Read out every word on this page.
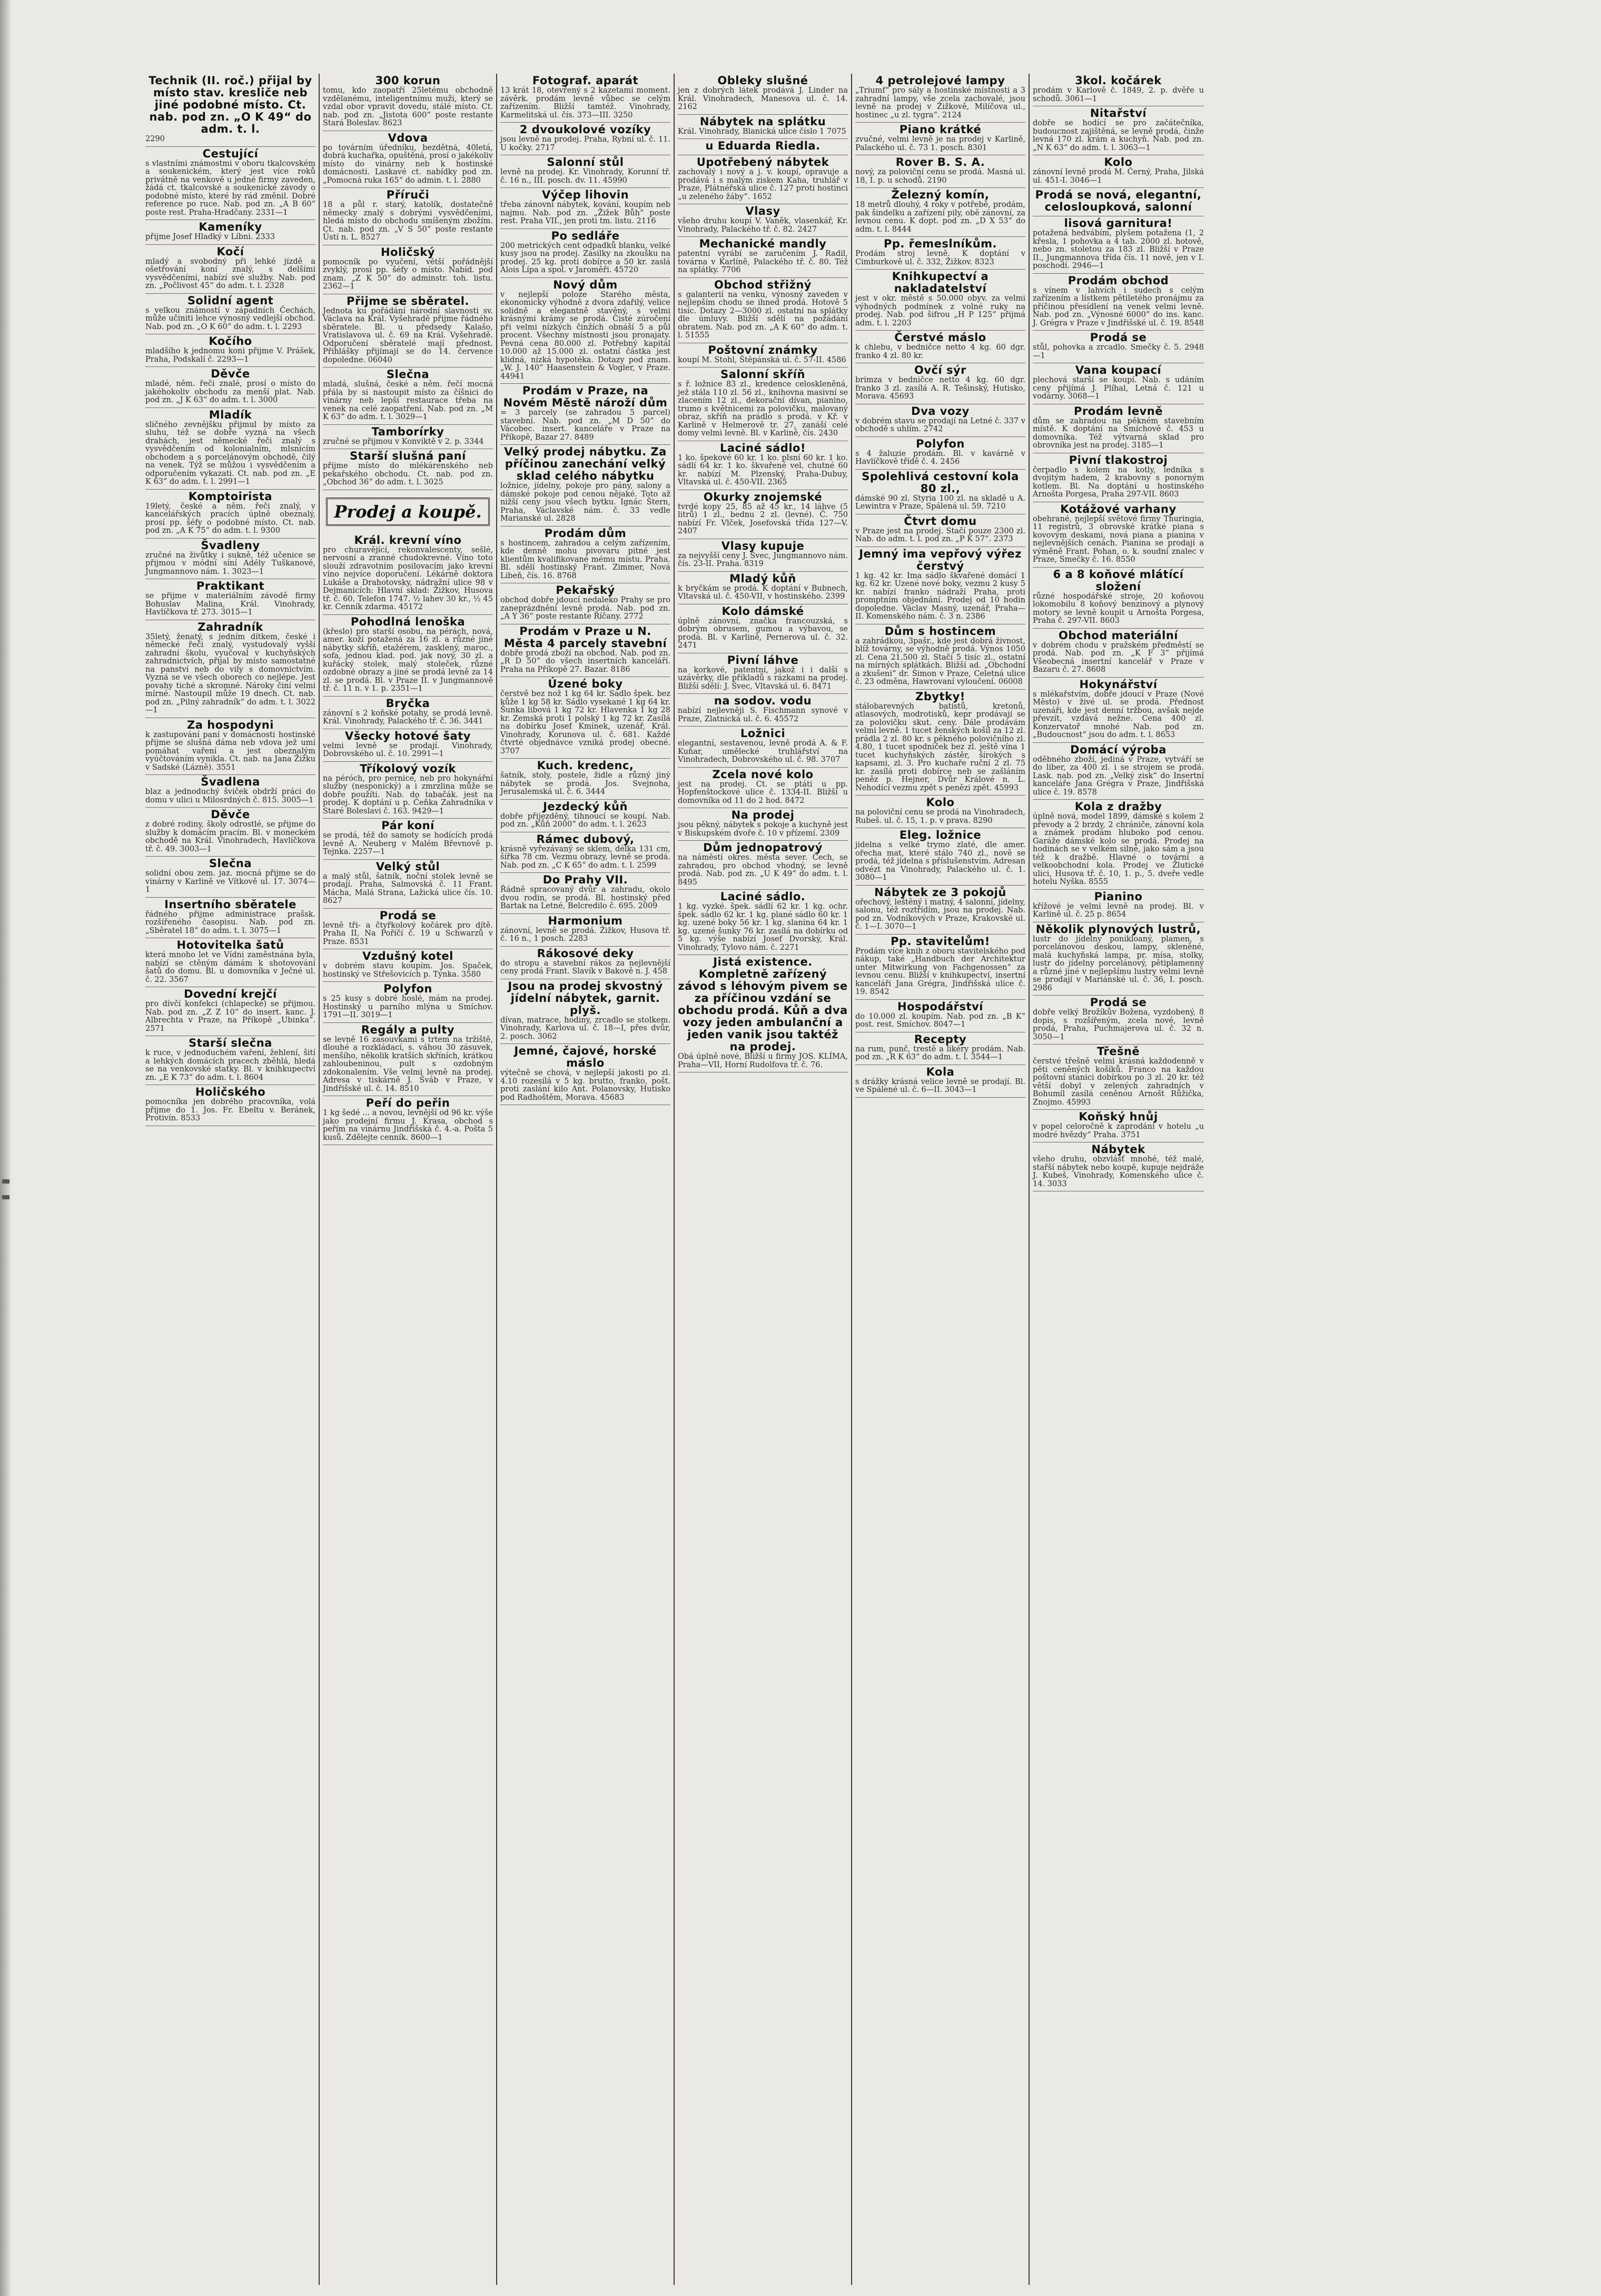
Technik (II. roč.) přijal by místo stav. kresliče neb jiné podobné místo. Ct. nab. pod zn. „O K 49“ do adm. t. l.
2290
Cestující
s vlastními známostmi v oboru tkalcovském a soukenickém, který jest více roků privátně na venkově u jedné firmy zaveden, žádá ct. tkalcovské a soukenické závody o podobné místo, které by rád změnil. Dobré reference po ruce. Nab. pod zn. „A B 60“ poste rest. Praha-Hradčany. 2331—1
Kameníky
přijme Josef Hladký v Líbni. 2333
Kočí
mladý a svobodný při lehké jízdě a ošetřování koní znalý, s delšími vysvědčeními, nabízí své služby. Nab. pod zn. „Počlivost 45“ do adm. t. l. 2328
Solidní agent
s velkou známostí v západních Čechách, může učiniti lehce výnosný vedlejší obchod. Nab. pod zn. „O K 60“ do adm. t. l. 2293
Kočího
mladšího k jednomu koni přijme V. Prášek, Praha, Podskalí č. 2293—1
Děvče
mladé, něm. řeči znalé, prosí o místo do jakéhokoliv obchodu za menší plat. Nab. pod zn. „J K 63“ do adm. t. l. 3000
Mladík
sličného zevnějšku přijmul by místo za sluhu, též se dobře vyzná na všech drahách, jest německé řeči znalý s vysvědčením od kolonialním, mlsnicím obchodem a s porcelánovým obchodě, čilý na venek. Týž se můžou i vysvědčením a odporučením vykazati. Ct. nab. pod zn. „E K 63“ do adm. t. l. 2991—1
Komptoiristа
19letý, české a něm. řeči znalý, v kancelářských pracích úplně obeznalý, prosí pp. šéfy o podobné místo. Ct. nab. pod zn. „A K 75“ do adm. t. l. 9300
Švadleny
zručné na živůtky i sukně, též učenice se přijmou v módní síní Adély Tuškanové, Jungmannovo nám. 1. 3023—1
Praktikant
se přijme v materiálním závodě firmy Bohuslav Malina, Král. Vinohrady, Havlíčkova tř. 273. 3015—1
Zahradník
35letý, ženatý, s jedním dítkem, české i německé řeči znalý, vystudovalý vyšší zahradní školu, vyučoval v kuchyňských zahradnictvích, přijal by místo samostatné na panství neb do vily s domovnictvím. Vyzná se ve všech oborech co nejlépe. Jest povahy tiché a skromné. Nároky činí velmi mírné. Nastoupil může 19 dnech. Ct. nab. pod zn. „Pilný zahradník“ do adm. t. l. 3022—1
Za hospodyni
k zastupování paní v domácnosti hostinské přijme se slušná dáma neb vdova jež umí pomáhat vaření a jest obeznalým vyúčtováním vynikla. Ct. nab. na Jana Žižku v Sadské (Lázně). 3551
Švadlena
blaz a jednoduchý šviček obdrží práci do domu v ulici u Milosrdných č. 815. 3005—1
Děvče
z dobré rodiny, školy odrostlé, se přijme do služby k domácím pracím. Bl. v moneckém obchodě na Král. Vinohradech, Havlíčkova tř. č. 49. 3003—1
Slečna
solidní obou zem. jaz. mocná přijme se do vinárny v Karlině ve Vítkově ul. 17. 3074—1
Insertního sběratele
řádného přijme administrace prašsk. rozšířeného časopisu. Nab. pod zn. „Sběratel 18“ do adm. t. l. 3075—1
Hotovitelka šatů
která mnoho let ve Vídni zaměstnána byla, nabízí se ctěným dámám k shotovování šatů do domu. Bl. u domovníka v Ječné ul. č. 22. 3567
Dovední krejčí
pro dívčí konfekci (chlapecké) se přijmou. Nab. pod zn. „Z Z 10“ do insert. kanc. J. Albrechta v Praze, na Příkopě „Ubinka“. 2571
Starší slečna
k ruce, v jednoduchém vaření, žehlení, šití a lehkých domácích pracech zběhlá, hledá se na venkovské statky. Bl. v knihkupectví zn. „E K 73“ do adm. t. l. 8604
Holičského
pomocníka jen dobrého pracovníka, volá přijme do 1. Jos. Fr. Ebeltu v. Beránek, Protivín. 8533
300 korun
tomu, kdo zaopatří 25letému obchodně vzdělanému, inteligentnímu muži, který se vzdal obor vpravit dovedu, stálé místo. Ct. nab. pod zn. „Jistota 600“ poste restante Stará Boleslav. 8623
Vdova
po továrním úředníku, bezdětná, 40letá, dobrá kuchařka, opuštěná, prosí o jakékoliv místo do vinárny neb k hostinské domácnosti. Laskavé ct. nabídky pod zn. „Pomocná ruka 165“ do admin. t. l. 2880
Příruči
18 a půl r. starý, katolík, dostatečně německy znalý s dobrými vysvědčeními, hledá místo do obchodu smíšeným zbožím. Ct. nab. pod zn. „V S 50“ poste restante Ústí n. L. 8527
Holičský
pomocník po vyučení, větší pořádnější zvyklý, prosí pp. šéfy o místo. Nabíd. pod znam. „Z K 50“ do adminstr. toh. listu. 2362—1
Přijme se sběratel.
Jednota ku pořádání národní slavnosti sv. Václava na Král. Vyšehradě přijme řádného sběratele. Bl. u předsedy Kalašo, Vratislavova ul. č. 69 na Král. Vyšehradě. Odporučení sběratelé mají přednost. Přihlášky přijímají se do 14. července dopoledne. 06040
Slečna
mladá, slušná, české a něm. řečí mocná přála by si nastoupit místo za číšnici do vinárny neb lepší restaurace třeba na venek na celé zaopatření. Nab. pod zn. „M K 63“ do adm. t. l. 3029—1
Tamborírky
zručné se přijmou v Konviktě v 2. p. 3344
Starší slušná paní
přijme místo do mlékárenského neb pekařského obchodu. Ct. nab. pod zn. „Obchod 36“ do adm. t. l. 3025
Prodej a koupě.
Král. krevní víno
pro churavějící, rekonvalescenty, sešlé, nervosní a zranné chudokrevné. Víno toto slouží zdravotním posilovacím jako krevní víno nejvíce doporučení. Lékárně doktora Lukáše a Drahotovsky, nádražní ulice 98 v Dejmanicích: Hlavní sklad: Žižkov, Husova tř. č. 60. Telefon 1747. ½ lahev 30 kr., ½ 45 kr. Cenník zdarma. 45172
Pohodlná lenoška
(křeslo) pro starší osobu, na pérách, nová, amer. koží potažená za 16 zl. a různé jiné nábytky skříň, etažérem, zasklený, maroc., sofa, jednou klad. pod. jak nový, 30 zl. a kuřácký stolek, malý stoleček, různé ozdobné obrazy a jiné se prodá levně za 14 zl. se prodá. Bl. v Praze II. v Jungmannově tř. č. 11 n. v 1. p. 2351—1
Bryčka
zánovní s 2 koňské potahy, se prodá levně. Král. Vinohrady, Palackého tř. č. 36. 3441
Všecky hotové šaty
velmi levně se prodají. Vinohrady, Dobrovského ul. č. 10. 2991—1
Tříkolový vozík
na péróch, pro pernice, neb pro hokynářní služby (nesponický) a i zmrzlina může se dobře použíti. Nab. do tabačák. jest na prodej. K doptání u p. Čeňka Zahradníka v Staré Boleslavi č. 163. 9429—1
Pár koní
se prodá, též do samoty se hodících prodá levně A. Neuberg v Malém Břevnově p. Tejnka. 2257—1
Velký stůl
a malý stůl, šatník, noční stolek levně se prodají. Praha, Salmovská č. 11 Frant. Mácha, Malá Strana, Lažická ulice čís. 10. 8627
Prodá se
levně tři- a čtyřkolový kočárek pro dítě. Praha II, Na Poříčí č. 19 u Schwarzů v Praze. 8531
Vzdušný kotel
v dobrém stavu koupím. Jos. Spaček, hostinský ve Střešovicích p. Týnka. 3580
Polyfon
s 25 kusy s dobré hoslé, mám na prodej. Hostinský u parního mlýna u Smíchov. 1791—II. 3019—1
Regály a pulty
se levně 16 zasouvkami s trtem na tržiště, dlouhé a rozkládací, s. váhou 30 zásuvek, menšího, několik kratších skříních, krátkou zahloubeninou, pult s ozdobným zdokonalením. Vše velmi levně na prodej. Adresa v tiskárně J. Šváb v Praze, v Jindřišské ul. č. 14. 8510
Peří do peřin
1 kg šedé ... a novou, levnější od 96 kr. výše jako prodejní firmu J. Krasa, obchod s peřím na vinárnu Jindřišská č. 4.-a. Pošta 5 kusů. Zdělejte cenník. 8600—1
Fotograf. aparát
13 krát 18, otevřený s 2 kazetami moment. závěrk. prodám levně vůbec se celým zařízením. Bližší tamtéž. Vinohrady, Karmelitská ul. čís. 373—III. 3250
2 dvoukolové vozíky
jsou levně na prodej. Praha, Rybní ul. č. 11. U kočky. 2717
Salonní stůl
levně na prodej. Kr. Vinohrady, Korunní tř. č. 16 n., III. posch. dv. 11. 45990
Výčep lihovin
třeba zánovní nábytek, kování, koupím neb najmu. Nab. pod zn. „Žižek Bůh“ poste rest. Praha VII., jen proti tm. listu. 2116
Po sedláře
200 metrických cent odpadků blanku, velké kusy jsou na prodej. Zásilky na zkoušku na prodej. 25 kg. proti dobírce a 50 kr. zaslá Alois Lípa a spol. v Jaroměři. 45720
Nový dům
v nejlepší poloze Starého města, ekonomicky výhodně z dvora zdařilý, velice solidně a elegantně stavěný, s velmi krásnými krámy se prodá. Čisté zúročení při velmi nízkých činžích obnáší 5 a půl procent. Všechny místnosti jsou pronajaty. Pevná cena 80.000 zl. Potřebný kapitál 10.000 až 15.000 zl. ostatní částka jest klidná, nízká hypotéka. Dotazy pod znam. „W. J. 140“ Haasenstein & Vogler, v Praze. 44941
Prodám v Praze, na Novém Městě nároží dům
= 3 parcely (se zahradou 5 parcel) stavební. Nab. pod zn. „M D 50“ do Vácobec. insert. kanceláře v Praze na Příkopě, Bazar 27. 8489
Velký prodej nábytku. Za příčinou zanechání velký sklad celého nábytku
ložnice, jídelny, pokoje pro pány, salony a dámské pokoje pod cenou nějaké. Toto až nižší ceny jsou všech bytku. Ignác Štern, Praha, Václavské nám. č. 33 vedle Marianské ul. 2828
Prodám dům
s hostincem, zahradou a celým zařízením, kde denně mohu pivovaru pitné jest klientům kvalifikované mému místu. Praha. Bl. sdělí hostinský Frant. Zimmer, Nová Libeň, čís. 16. 8768
Pekařský
obchod dobře jdoucí nedaleko Prahy se pro zaneprázdnění levně prodá. Nab. pod zn. „A Y 36“ poste restante Říčany. 2772
Prodám v Praze u N. Města 4 parcely stavební
dobře prodá zboží na obchod. Nab. pod zn. „R D 50“ do všech insertních kanceláří. Praha na Příkopě 27. Bazar. 8186
Úzené boky
čerstvě bez nož 1 kg 64 kr. Sadlo špek. bez kůže 1 kg 58 kr. Sádlo vysekané 1 kg 64 kr. Šunka libová 1 kg 72 kr. Hlavenka 1 kg 28 kr. Zemská proti 1 polský 1 kg 72 kr. Zasílá na dobírku Josef Kmínek, uzenář, Král. Vinohrady, Korunova ul. č. 681. Každé čtvrté objednávce vzniká prodej obecné. 3707
Kuch. kredenc,
šatník, stoly, postele, židle a různý jiný nábytek se prodá. Jos. Svejnoha, Jerusalemská ul. č. 6. 3444
Jezdecký kůň
dobře přijezděný, tihnoucí se koupí. Nab. pod zn. „Kůň 2000“ do adm. t. l. 2623
Rámec dubový,
krásně vyřezávaný se sklem, délka 131 cm, šířka 78 cm. Vezmu obrazy, levně se prodá. Nab. pod zn. „C K 65“ do adm. t. l. 2599
Do Prahy VII.
Řádně spracovaný dvůr a zahradu, okolo dvou rodin, se prodá. Bl. hostinský před Bartak na Letné, Belcredilo č. 695. 2009
Harmonium
zánovní, levně se prodá. Žižkov, Husova tř. č. 16 n., 1 posch. 2283
Rákosové deky
do stropu a stavební rákos za nejlevnější ceny prodá Frant. Slavík v Bakově n. J. 458
Jsou na prodej skvostný jídelní nábytek, garnit. plyš.
dívan, matrace, hodiny, zrcadlo se stolkem. Vinohrady, Karlova ul. č. 18—I, přes dvůr, 2. posch. 3062
Jemné, čajové, horské máslo
výtečně se chová, v nejlepší jakosti po zl. 4.10 rozesílá v 5 kg. brutto, franko, pošt. proti zaslání kilo Ant. Polanovsky, Hutisko pod Radhoštěm, Morava. 45683
Obleky slušné
jen z dobrých látek prodává J. Linder na Král. Vinohradech, Manesova ul. č. 14. 2162
Nábytek na splátku
Král. Vinohrady, Blanická ulice číslo 1 7075
u Eduarda Riedla.
Upotřebený nábytek
zachovalý i nový a j. v. koupí, opravuje a prodává i s malým ziskem Kaha, truhlář v Praze, Plátnéřská ulice č. 127 proti hostinci „u zeleného žáby“. 1652
Vlasy
všeho druhu koupí V. Vaněk, vlasenkář, Kr. Vinohrady, Palackého tř. č. 82. 2427
Mechanické mandly
patentní vyrábí se zaručením J. Radil, továrna v Karlíně, Palackého tř. č. 80. Též na splátky. 7706
Obchod střižný
s galanterií na venku, výnosný zaveden v nejlepším chodu se ihned prodá. Hotově 5 tisíc. Dotazy 2—3000 zl. ostatní na splátky dle úmluvy. Bližší sdělí na požádání obratem. Nab. pod zn. „A K 60“ do adm. t. l. 51555
Poštovní známky
koupí M. Stohl, Štěpánská ul. č. 57-II. 4586
Salonní skříň
s ř. ložnice 83 zl., kredence celoskleněná, jež stála 110 zl. 56 zl., knihovna masivní se zlacením 12 zl., dekorační dívan, pianino, trumo s květnicemi za polovičku, malovaný obraz, skříň na prádlo s prodá. v Kř. v Karlině v Helmerově tr. 27, zanáší celé domy velmi levně. Bl. v Karlině, čís. 2430
Laciné sádlo!
1 ko. špekové 60 kr. 1 ko. plsní 60 kr. 1 ko. sádlí 64 kr. 1 ko. škvařené vel. chutné 60 kr. nabízí M. Plzenský, Praha-Dubuy, Vltavská ul. č. 450-VII. 2365
Okurky znojemské
tvrdé kopy 25, 85 až 45 kr., 14 láhve (5 litrů) 1 zl., bednu 2 zl. (levné). Č. 750 nabízí Fr. Vlček, Josefovská třída 127—V. 2407
Vlasy kupuje
za nejvyšší ceny J. Švec, Jungmannovo nám. čís. 23-II. Praha. 8319
Mladý kůň
k bryčkám se prodá. K doptání v Bubnech, Vltavská ul. č. 450-VII, v hostinského. 2399
Kolo dámské
úplně zánovní, značka francouzská, s dobrým obrusem, gumou a výbavou, se prodá. Bl. v Karlině, Pernerova ul. č. 32. 2471
Pivní láhve
na korkové, patentní, jakož i i další s uzávěrky, dle příkladů s rázkami na prodej. Bližší sdělí: J. Švec, Vltavská ul. 6. 8471
na sodov. vodu
nabízí nejlevněji S. Fischmann synové v Praze, Zlatnická ul. č. 6. 45572
Ložnici
elegantní, sestavenou, levně prodá A. & F. Kuňar, umělecké truhlářství na Vinohradech, Dobrovského ul. č. 98. 3707
Zcela nové kolo
jest na prodej. Ct. se ptáti u pp. Hopfenštockové ulice č. 1334-II. Bližší u domovníka od 11 do 2 hod. 8472
Na prodej
jsou pěkný, nábytek s pokoje a kuchyně jest v Biskupském dvoře č. 10 v přízemí. 2309
Dům jednopatrový
na náměstí okres. města sever. Čech, se zahradou, pro obchod vhodný, se levně prodá. Nab. pod zn. „U K 49“ do adm. t. l. 8495
Laciné sádlo.
1 kg. vyzké. špek. sádlí 62 kr. 1 kg. ochr. špek. sádlo 62 kr. 1 kg. plané sádlo 60 kr. 1 kg. uzené boky 56 kr. 1 kg. slanina 64 kr. 1 kg. uzené šunky 76 kr. zasílá na dobírku od 5 kg. výše nabízí Josef Dvorský, Král. Vinohrady, Tylovo nám. č. 2271
Jistá existence. Kompletně zařízený závod s léhovým pivem se za příčinou vzdání se obchodu prodá. Kůň a dva vozy jeden ambulanční a jeden vanik jsou taktéž na prodej.
Obá úplně nové, Bližší u firmy JOS. KLÍMA, Praha—VII, Horní Rudolfova tř. č. 76.
4 petrolejové lampy
„Triumf“ pro sály a hostinské místnosti a 3 zahradní lampy, vše zcela zachovalé, jsou levně na prodej v Žižkově, Milíčova ul., hostinec „u zl. tygra“. 2124
Piano krátké
zvučné, velmi levně je na prodej v Karlině, Palackého ul. č. 73 1. posch. 8301
Rover B. S. A.
nový, za poloviční cenu se prodá. Masná ul. 18, I. p. u schodů. 2190
Železný komín,
18 metrů dlouhý, 4 roky v potřebě, prodám, pak šindelku a zařízení pily, obě zánovní, za levnou cenu. K dopt. pod zn. „D X 53“ do adm. t. l. 8444
Pp. řemeslníkům.
Prodám stroj levně. K doptání v Cimburkově ul. č. 332, Žižkov. 8323
Knihkupectví a nakladatelství
jest v okr. městě s 50.000 obyv. za velmi výhodných podmínek z volné ruky na prodej. Nab. pod šifrou „H P 125“ přijmá adm. t. l. 2203
Čerstvé máslo
k chlebu, v bedničce netto 4 kg. 60 dgr. franko 4 zl. 80 kr.
Ovčí sýr
brimza v bedničce netto 4 kg. 60 dgr. franko 3 zl. zasílá A. R. Tešinský, Hutisko, Morava. 45693
Dva vozy
v dobrém stavu se prodají na Letné č. 337 v obchodě s uhlím. 2742
Polyfon
s 4 žaluzie prodám. Bl. v kavárně v Havlíčkově třídě č. 4. 2456
Spolehlivá cestovní kola 80 zl.,
dámské 90 zl. Styria 100 zl. na skladě u A. Lewintra v Praze, Spálená ul. 59. 7210
Čtvrt domu
v Praze jest na prodej. Stačí pouze 2300 zl. Nab. do adm. t. l. pod zn. „P K 57“. 2373
Jemný ima vepřový výřez čerstvý
1 kg. 42 kr. Ima sádlo škvařené domácí 1 kg. 62 kr. Uzené nové boky, vezmu 2 kusy 5 kr. nabízí franko nádraží Praha, proti promptním objednání. Prodej od 10 hodin dopoledne. Václav Masný, uzenář, Praha—II. Komenského nám. č. 3 n. 2386
Dům s hostincem
a zahrádkou, 3pašr., kde jest dobrá živnost, blíž továrny, se výhodně prodá. Výnos 1050 zl. Cena 21.500 zl. Stačí 5 tisíc zl., ostatní na mírných splátkách. Bližší ad. „Obchodní a zkušeni“ dr. Šimon v Praze, Celetná ulice č. 23 odměna, Hawrovaní vyloučení. 06008
Zbytky!
stálobarevných batistů, kretonů, atlasových, modrotisků, kepr prodávají se za polovičku skut. ceny. Dále prodávám velmi levně. 1 tucet ženských košil za 12 zl. prádla 2 zl. 80 kr. s pěkného polovičního zl. 4.80, 1 tucet spodniček bez zl. ještě vína 1 tucet kuchyňských zástěr, šírokých s kapsami, zl. 3. Pro kuchaře ruční 2 zl. 75 kr. zasílá proti dobírce neb se zašláním peněz p. Hejner, Dvůr Králové n. L. Nehodící vezmu zpět s penězi zpět. 45993
Kolo
na poloviční cenu se prodá na Vinohradech, Rubeš. ul. č. 15, 1. p. v prava. 8290
Eleg. ložnice
jidelna s velké trymo zlaté, dle amer. ořecha mat, které stálo 740 zl., nově se prodá, též jídelna s příslušenstvím. Adresan odvézt na Vinohrady, Palackého ul. č. 1. 3080—1
Nábytek ze 3 pokojů
ořechový, leštěný i matný, 4 salonní, jídelny, salonu, též roztřídím, jsou na prodej. Nab. pod zn. Vodníkových v Praze, Krakovské ul. č. 1—I. 3070—1
Pp. stavitelům!
Prodám více knih z oboru stavitelského pod nákup, také „Handbuch der Architektur unter Mitwirkung von Fachgenossen“ za levnou cenu. Bližší v knihkupectví, insertní kanceláři Jana Grégra, Jindřišská ulice č. 19. 8542
Hospodářství
do 10.000 zl. koupím. Nab. pod zn. „B K“ post. rest. Smíchov. 8047—1
Recepty
na rum, punč, trestě a likéry prodám. Nab. pod zn. „R K 63“ do adm. t. l. 3544—1
Kola
s drážky krásná velice levně se prodají. Bl. ve Spálené ul. č. 6—II. 3043—1
3kol. kočárek
prodám v Karlově č. 1849, 2. p. dvěře u schodů. 3061—1
Nitařství
dobře se hodící se pro začátečníka, budoucnost zajištěná, se levně prodá, činže levná 170 zl. krám a kuchyň. Nab. pod zn. „N K 63“ do adm. t. l. 3063—1
Kolo
zánovní levně prodá M. Černý, Praha, Jilská ul. 451-I. 3046—1
Prodá se nová, elegantní, celosloupková, salonní
lisová garnitura!
potažená hedvábím, plyšem potažena (1, 2 křesla, 1 pohovka a 4 tab. 2000 zl. hotově, nebo zn. stoletou za 183 zl. Bližší v Praze II., Jungmannova třída čís. 11 nově, jen v I. poschodí. 2946—1
Prodám obchod
s vínem v lahvích i sudech s celým zařízením a lístkem pětiletého pronájmu za příčinou přesídlení na venek velmi levně. Nab. pod zn. „Výnosné 6000“ do ins. kanc. J. Grégra v Praze v Jindřišské ul. č. 19. 8548
Prodá se
stůl, pohovka a zrcadlo. Smečky č. 5. 2948—1
Vana koupací
plechová starší se koupí. Nab. s udáním ceny přijímá J. Plíhal, Letná č. 121 u vodárny. 3068—1
Prodám levně
dům se zahradou na pěkném stavebním místě. K doptání na Smíchově č. 453 u domovníka. Též výtvarná sklad pro obrovníka jest na prodej. 3185—1
Pivní tlakostroj
čerpadlo s kolem na kotly, ledníka s dvojitým hadem, 2 krabovny s ponorným kotlem. Bl. Na doptání u hostinského Arnošta Porgesa, Praha 297-VII. 8603
Kotážové varhany
obehrané, nejlepší světové firmy Thuringia, 11 registrů, 3 obrovské krátké piana s kovovým deskami, nová piana a pianina v nejlevnějších cenách. Pianina se prodají a výměně Frant. Pohan, o. k. soudní znalec v Praze, Smečky č. 16. 8550
6 a 8 koňové mlátící složení
různé hospodářské stroje, 20 koňovou lokomobilu 8 koňový benzinový a plynový motory se levně koupit u Arnošta Porgesa, Praha č. 297-VII. 8603
Obchod materiální
v dobrém chodu v pražském předměstí se prodá. Nab. pod zn. „K F 3“ přijímá Všeobecná insertní kancelář v Praze v Bazaru č. 27. 8608
Hokynářství
s mlékařstvím, dobře jdoucí v Praze (Nové Město) v živé ul. se prodá. Přednost uzenáři, kde jest denní tržbou, avšak nejde převzít, vzdává nežne. Cena 400 zl. Konzervatoř mnohé Nab. pod zn. „Budoucnost“ jsou do adm. t. l. 8653
Domácí výroba
oděbného zboží, jediná v Praze, vytváří se do liber, za 400 zl. i se strojem se prodá. Lask. nab. pod zn. „Velký zisk“ do Insertní kanceláře Jana Grégra v Praze, Jindřišská ulice č. 19. 8578
Kola z dražby
úplně nová, model 1899, dámské s kolem 2 převody a 2 brzdy, 2 chrániče, zánovní kola a známek prodám hluboko pod cenou. Garáže dámské kolo se prodá. Prodej na hodinách se v velkém silné, jako sám a jsou též k dražbě. Hlavné o tovární a velkoobchodní kola. Prodej ve Žlutické ulici, Husova tř. č. 10, 1. p., 5. dveře vedle hotelu Nyška. 8555
Pianino
křížové je velmi levně na prodej. Bl. v Karlině ul. č. 25 p. 8654
Několik plynových lustrů,
lustr do jídelny ponikloaný, plamen, s porcelánovou deskou, lampy, skleněné, malá kuchyňská lampa, pr. mísa, stolky, lustr do jídelny porcelánový, pětiplamenný a různé jiné v nejlepšímu lustry velmi levně se prodají v Mariánské ul. č. 36, I. posch. 2986
Prodá se
dobře velký Brožíkův Božena, vyzdobený, 8 dopis, s rozšířeným, zcela nové, levně prodá, Praha, Puchmajerova ul. č. 32 n. 3050—1
Třešně
čerstvé třešně velmi krásná každodenně v pěti ceněných košíků. Franco na každou poštovní stanici dobírkou po 3 zl. 20 kr. též větší dobyl v zelených zahradních v Bohumíl zasílá ceněnou Arnošt Růžička, Znojmo. 45993
Koňský hnůj
v popel celoročně k zaprodání v hotelu „u modré hvězdy“ Praha. 3751
Nábytek
všeho druhu, obzvlášť mnohé, též malé, stařší nábytek nebo koupě, kupuje nejdráže J. Kubeš, Vinohrady, Komenského ulice č. 14. 3033
